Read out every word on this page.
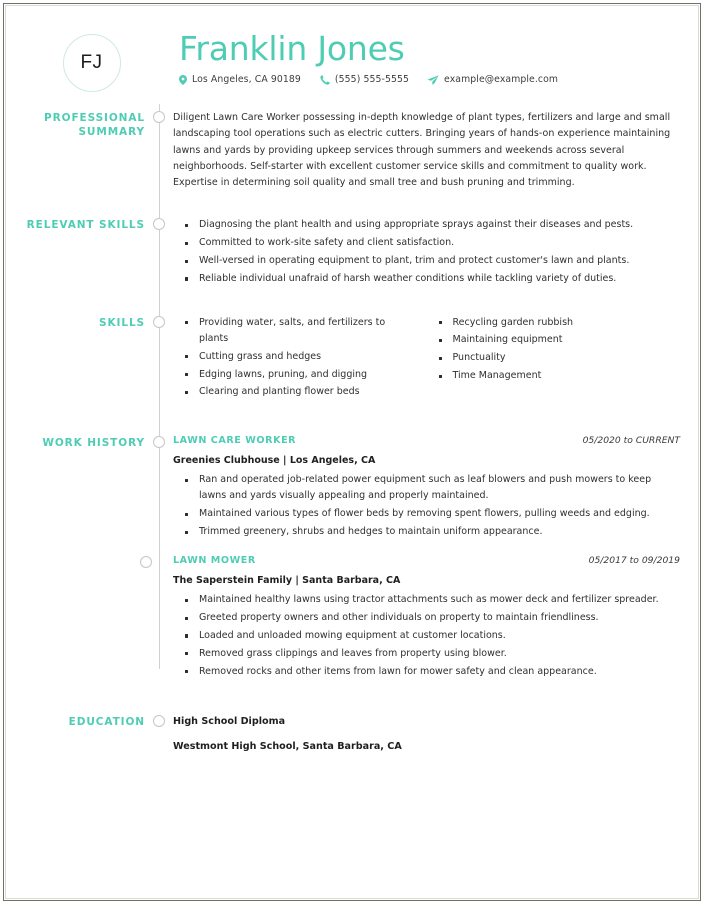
FJ	Franklin Jones
Los Angeles, CA 90189	(555) 555-5555	example@example.com
PROFESSIONAL SUMMARY

Diligent Lawn Care Worker possessing in-depth knowledge of plant types, fertilizers and large and small landscaping tool operations such as electric cutters. Bringing years of hands-on experience maintaining lawns and yards by providing upkeep services through summers and weekends across several neighborhoods. Self-starter with excellent customer service skills and commitment to quality work. Expertise in determining soil quality and small tree and bush pruning and trimming.

RELEVANT SKILLS	Diagnosing the plant health and using appropriate sprays against their diseases and pests.
Committed to work-site safety and client satisfaction.
Well-versed in operating equipment to plant, trim and protect customer's lawn and plants.
Reliable individual unafraid of harsh weather conditions while tackling variety of duties.
SKILLS	Providing water, salts, and fertilizers to plants
Cutting grass and hedges
Edging lawns, pruning, and digging
Clearing and planting flower beds
Recycling garden rubbish
Maintaining equipment
Punctuality
Time Management
WORK HISTORY	LAWN CARE WORKER	05/2020 to CURRENT
Greenies Clubhouse | Los Angeles, CA
Ran and operated job-related power equipment such as leaf blowers and push mowers to keep lawns and yards visually appealing and properly maintained.
Maintained various types of flower beds by removing spent flowers, pulling weeds and edging.
Trimmed greenery, shrubs and hedges to maintain uniform appearance.
LAWN MOWER	05/2017 to 09/2019
The Saperstein Family | Santa Barbara, CA
Maintained healthy lawns using tractor attachments such as mower deck and fertilizer spreader.
Greeted property owners and other individuals on property to maintain friendliness.
Loaded and unloaded mowing equipment at customer locations.
Removed grass clippings and leaves from property using blower.
Removed rocks and other items from lawn for mower safety and clean appearance.
EDUCATION	High School Diploma
Westmont High School, Santa Barbara, CA
